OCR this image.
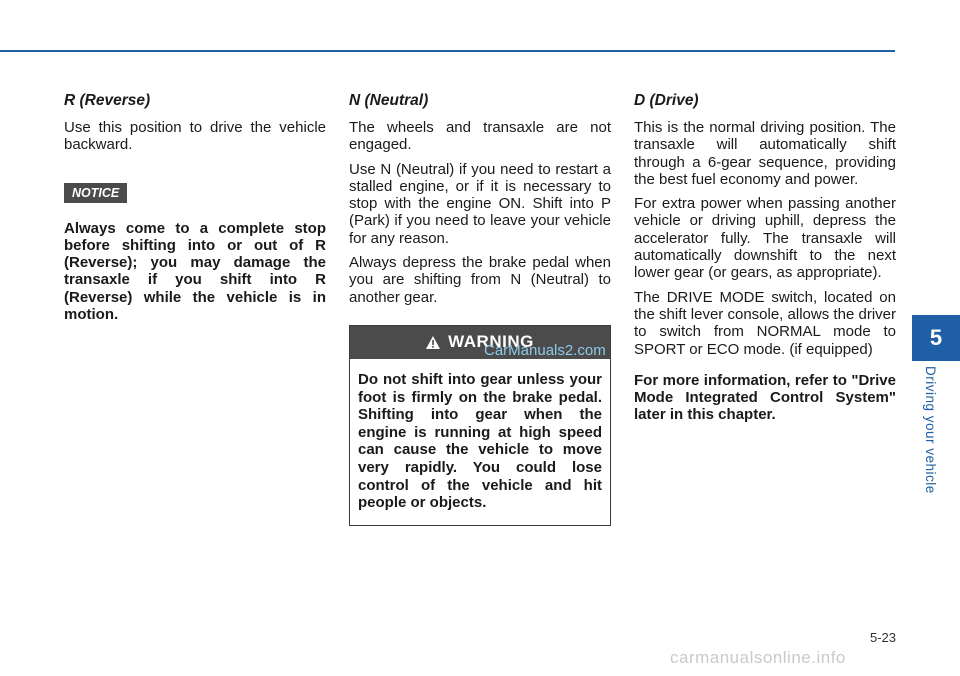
R (Reverse)

Use this position to drive the vehicle backward.

NOTICE

Always come to a complete stop before shifting into or out of R (Reverse); you may damage the transaxle if you shift into R (Reverse) while the vehicle is in motion.

N (Neutral)

The wheels and transaxle are not engaged.

Use N (Neutral) if you need to restart a stalled engine, or if it is necessary to stop with the engine ON. Shift into P (Park) if you need to leave your vehicle for any reason.

Always depress the brake pedal when you are shifting from N (Neutral) to another gear.

WARNING

Do not shift into gear unless your foot is firmly on the brake pedal. Shifting into gear when the engine is running at high speed can cause the vehicle to move very rapidly. You could lose control of the vehicle and hit people or objects.

D (Drive)

This is the normal driving position. The transaxle will automatically shift through a 6-gear sequence, providing the best fuel economy and power.

For extra power when passing another vehicle or driving uphill, depress the accelerator fully. The transaxle will automatically downshift to the next lower gear (or gears, as appropriate).

The DRIVE MODE switch, located on the shift lever console, allows the driver to switch from NORMAL mode to SPORT or ECO mode. (if equipped)

For more information, refer to "Drive Mode Integrated Control System" later in this chapter.

5
Driving your vehicle
5-23
CarManuals2.com
carmanualsonline.info
